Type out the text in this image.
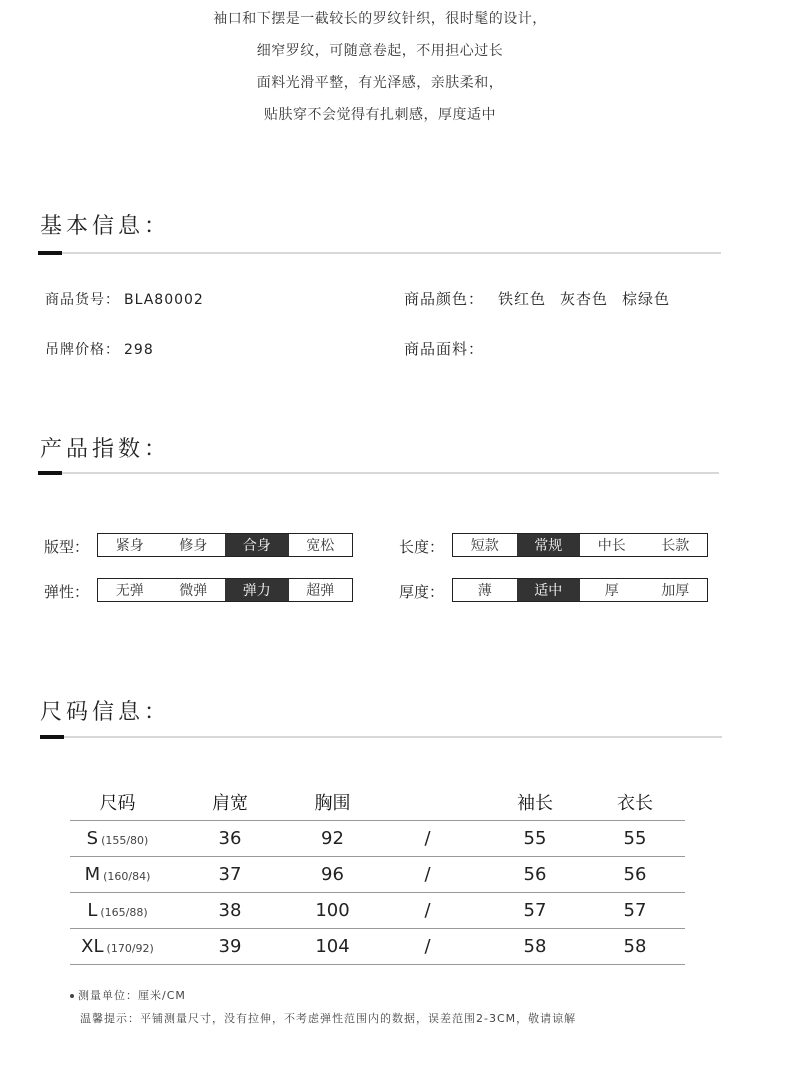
袖口和下摆是一截较长的罗纹针织，很时髦的设计，

细窄罗纹，可随意卷起，不用担心过长

面料光滑平整，有光泽感，亲肤柔和，

贴肤穿不会觉得有扎刺感，厚度适中

基本信息：
商品货号： BLA80002
吊牌价格： 298
商品颜色： 铁红色 灰杏色 棕绿色
商品面料：
产品指数：
版型：	紧身	修身	合身	宽松	长度：	短款	常规	中长	长款
弹性：	无弹	微弹	弹力	超弹	厚度：	薄	适中	厚	加厚
尺码信息：
尺码	肩宽	胸围		袖长	衣长
S (155/80)	36	92	/	55	55
M (160/84)	37	96	/	56	56
L (165/88)	38	100	/	57	57
XL (170/92)	39	104	/	58	58
测量单位：厘米/CM
温馨提示：平铺测量尺寸，没有拉伸，不考虑弹性范围内的数据，误差范围2-3CM，敬请谅解
